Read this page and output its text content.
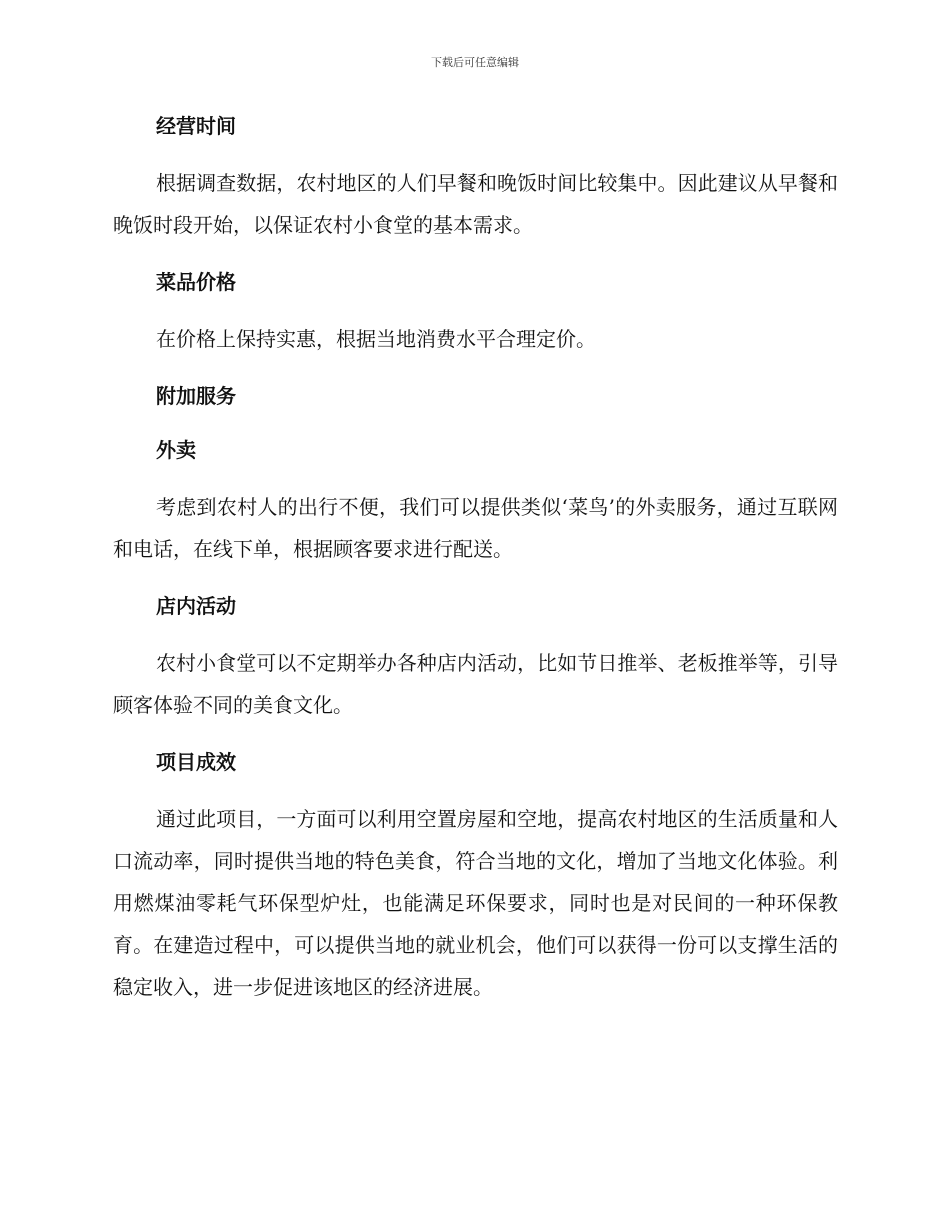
下载后可任意编辑
经营时间

根据调查数据，农村地区的人们早餐和晚饭时间比较集中。因此建议从早餐和晚饭时段开始，以保证农村小食堂的基本需求。

菜品价格

在价格上保持实惠，根据当地消费水平合理定价。

附加服务
外卖

考虑到农村人的出行不便，我们可以提供类似‘菜鸟’的外卖服务，通过互联网和电话，在线下单，根据顾客要求进行配送。

店内活动

农村小食堂可以不定期举办各种店内活动，比如节日推举、老板推举等，引导顾客体验不同的美食文化。

项目成效

通过此项目，一方面可以利用空置房屋和空地，提高农村地区的生活质量和人口流动率，同时提供当地的特色美食，符合当地的文化，增加了当地文化体验。利用燃煤油零耗气环保型炉灶，也能满足环保要求，同时也是对民间的一种环保教育。在建造过程中，可以提供当地的就业机会，他们可以获得一份可以支撑生活的稳定收入，进一步促进该地区的经济进展。
